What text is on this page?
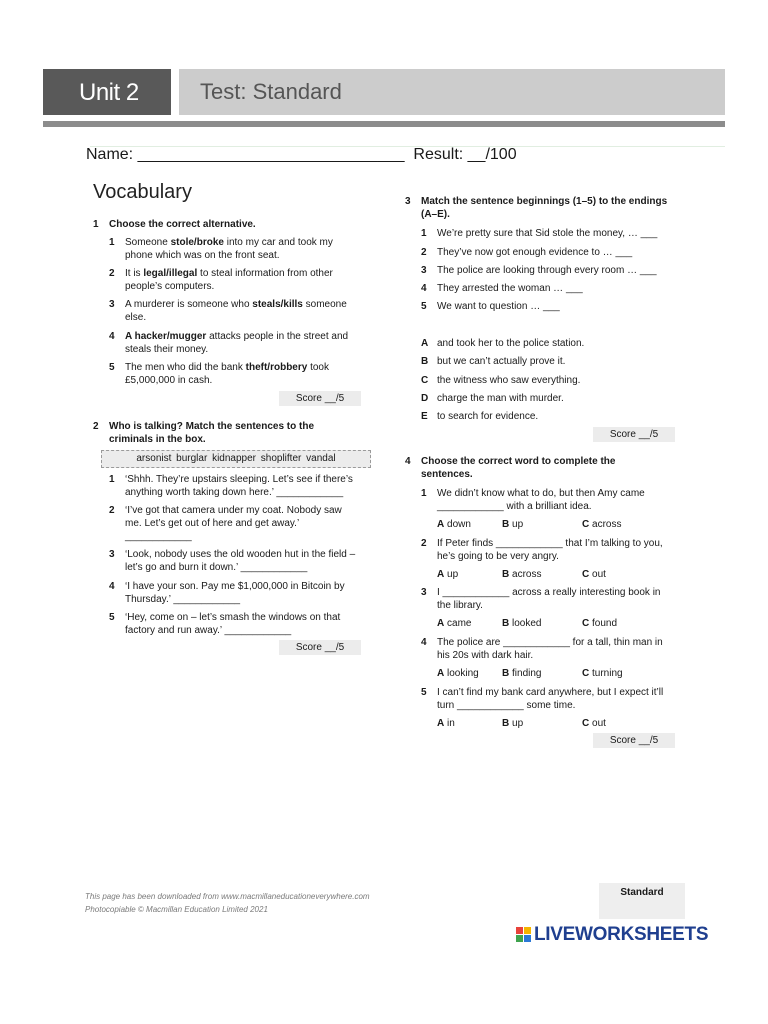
Unit 2	Test: Standard
Name: ______________________________  Result: __/100
Vocabulary
1 Choose the correct alternative.
1 Someone stole/broke into my car and took my
phone which was on the front seat.
2 It is legal/illegal to steal information from other
people’s computers.
3 A murderer is someone who steals/kills someone
else.
4 A hacker/mugger attacks people in the street and
steals their money.
5 The men who did the bank theft/robbery took
£5,000,000 in cash.
Score __/5
2 Who is talking? Match the sentences to the
criminals in the box.
arsonist burglar kidnapper shoplifter vandal
1 ‘Shhh. They’re upstairs sleeping. Let’s see if there’s
anything worth taking down here.’ ____________
2 ‘I’ve got that camera under my coat. Nobody saw
me. Let’s get out of here and get away.’
____________
3 ‘Look, nobody uses the old wooden hut in the field –
let’s go and burn it down.’ ____________
4 ‘I have your son. Pay me $1,000,000 in Bitcoin by
Thursday.’ ____________
5 ‘Hey, come on – let’s smash the windows on that
factory and run away.’ ____________
Score __/5
3 Match the sentence beginnings (1–5) to the endings
(A–E).
1 We’re pretty sure that Sid stole the money, … ___
2 They’ve now got enough evidence to … ___
3 The police are looking through every room … ___
4 They arrested the woman … ___
5 We want to question … ___
A and took her to the police station.
B but we can’t actually prove it.
C the witness who saw everything.
D charge the man with murder.
E to search for evidence.
Score __/5
4 Choose the correct word to complete the
sentences.
1 We didn’t know what to do, but then Amy came
____________ with a brilliant idea.
A down	B up	C across
2 If Peter finds ____________ that I’m talking to you,
he’s going to be very angry.
A up	B across	C out
3 I ____________ across a really interesting book in
the library.
A came	B looked	C found
4 The police are ____________ for a tall, thin man in
his 20s with dark hair.
A looking B finding	C turning
5 I can’t find my bank card anywhere, but I expect it’ll
turn ____________ some time.
A in	B up	C out
Score __/5
This page has been downloaded from www.macmillaneducationeverywhere.com
Photocopiable © Macmillan Education Limited 2021
Standard
LIVEWORKSHEETS
